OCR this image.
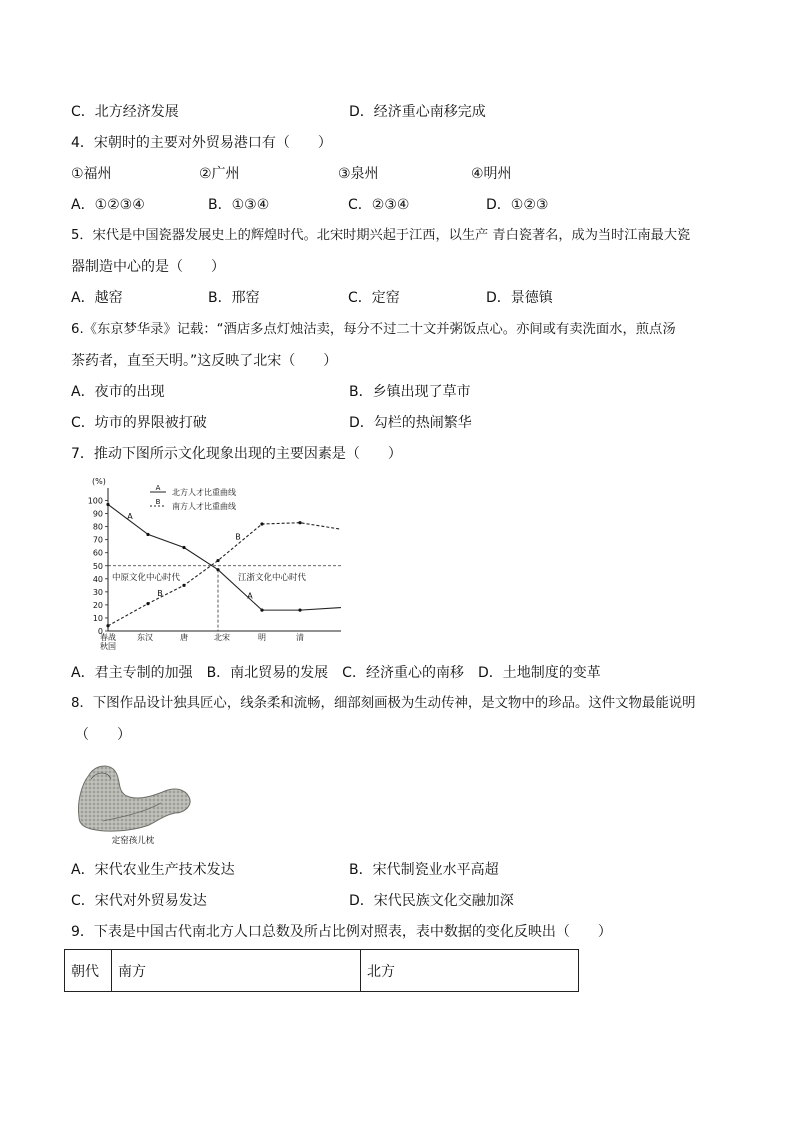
C．北方经济发展	D．经济重心南移完成
4．宋朝时的主要对外贸易港口有（　　）
①福州	②广州	③泉州	④明州
A．①②③④	B．①③④	C．②③④	D．①②③
5．宋代是中国瓷器发展史上的辉煌时代。北宋时期兴起于江西，以生产 青白瓷著名，成为当时江南最大瓷
器制造中心的是（　　）
A．越窑	B．邢窑	C．定窑	D．景德镇
6.《东京梦华录》记载：“酒店多点灯烛沽卖，每分不过二十文并粥饭点心。亦间或有卖洗面水，煎点汤
茶药者，直至天明。”这反映了北宋（　　）
A．夜市的出现	B．乡镇出现了草市
C．坊市的界限被打破	D．勾栏的热闹繁华
7．推动下图所示文化现象出现的主要因素是（　　）
(%)
0
10
20
30
40
50
60
70
80
90
100
春战
秋国
东汉	唐	北宋	明	清
A 北方人才比重曲线
B 南方人才比重曲线
A
B
B
A
中原文化中心时代	江浙文化中心时代
A．君主专制的加强　B．南北贸易的发展　C．经济重心的南移　D．土地制度的变革
8．下图作品设计独具匠心，线条柔和流畅，细部刻画极为生动传神，是文物中的珍品。这件文物最能说明
（　　）
定窑孩儿枕
A．宋代农业生产技术发达	B．宋代制瓷业水平高超
C．宋代对外贸易发达	D．宋代民族文化交融加深
9．下表是中国古代南北方人口总数及所占比例对照表，表中数据的变化反映出（　　）
朝代	南方	北方
